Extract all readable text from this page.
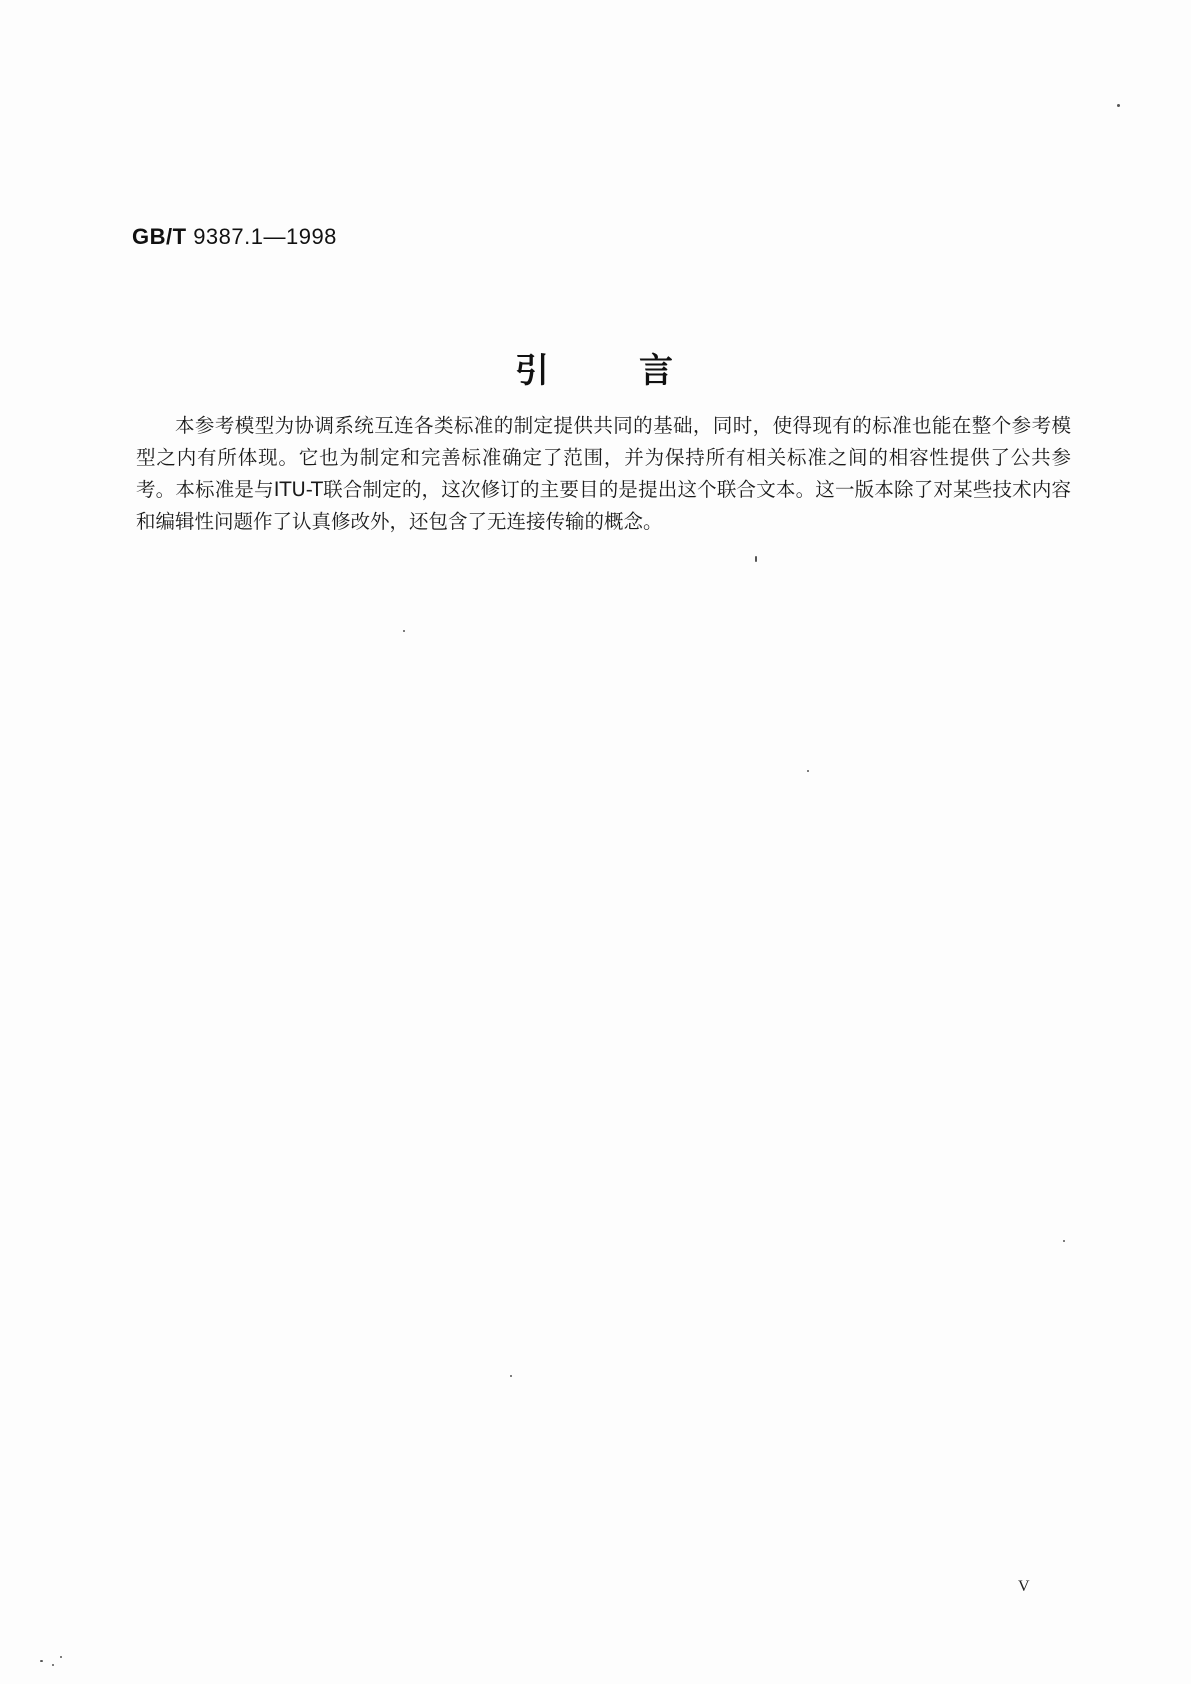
GB/T 9387.1—1998
引言

本参考模型为协调系统互连各类标准的制定提供共同的基础，同时，使得现有的标准也能在整个参考模型之内有所体现。它也为制定和完善标准确定了范围，并为保持所有相关标准之间的相容性提供了公共参考。本标准是与ITU-T联合制定的，这次修订的主要目的是提出这个联合文本。这一版本除了对某些技术内容和编辑性问题作了认真修改外，还包含了无连接传输的概念。

V
